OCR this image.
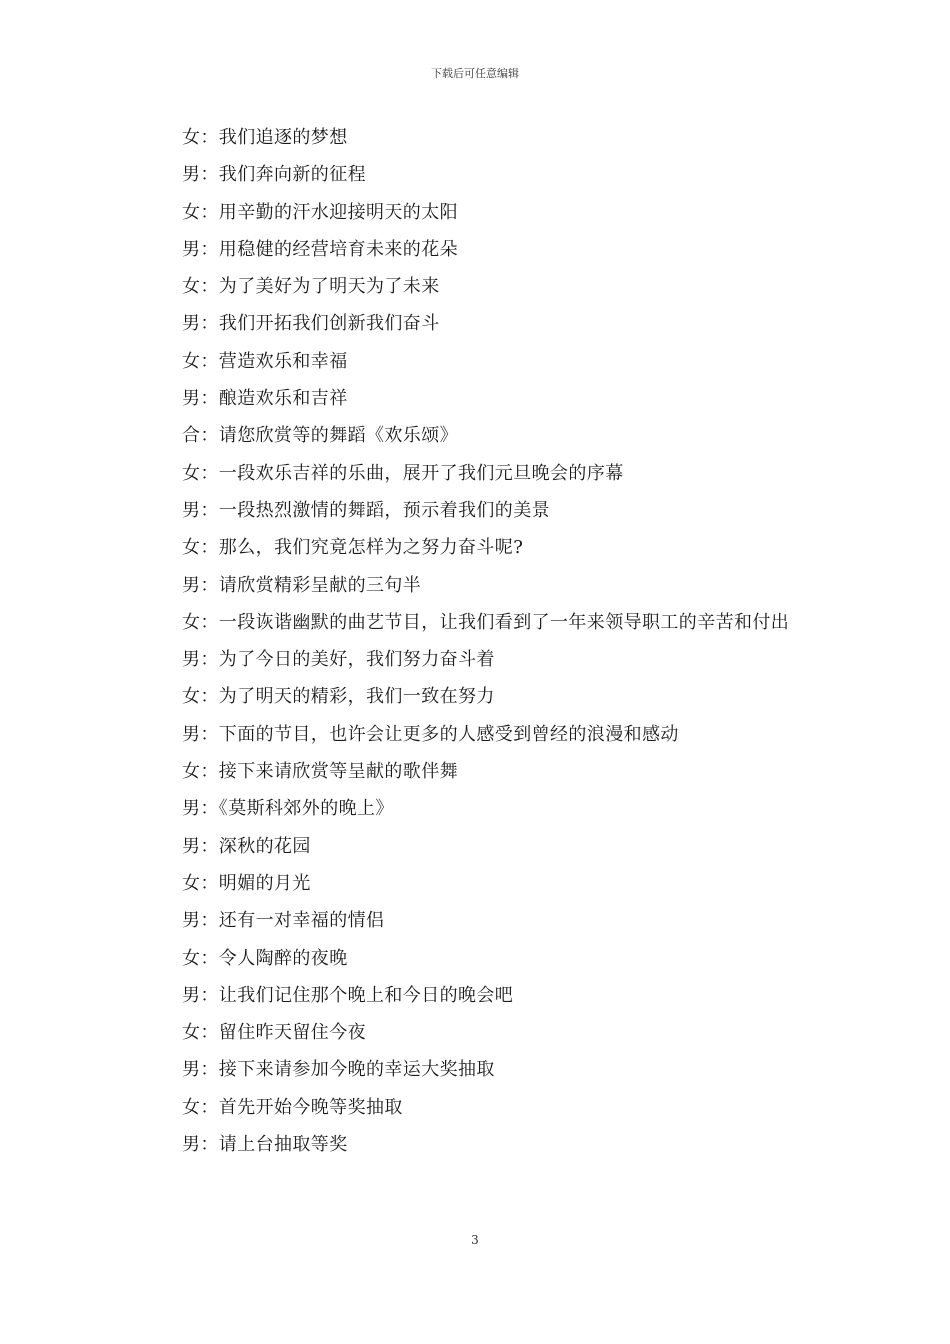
下载后可任意编辑

女：我们追逐的梦想

男：我们奔向新的征程

女：用辛勤的汗水迎接明天的太阳

男：用稳健的经营培育未来的花朵

女：为了美好为了明天为了未来

男：我们开拓我们创新我们奋斗

女：营造欢乐和幸福

男：酿造欢乐和吉祥

合：请您欣赏等的舞蹈《欢乐颂》

女：一段欢乐吉祥的乐曲，展开了我们元旦晚会的序幕

男：一段热烈激情的舞蹈，预示着我们的美景

女：那么，我们究竟怎样为之努力奋斗呢?

男：请欣赏精彩呈献的三句半

女：一段诙谐幽默的曲艺节目，让我们看到了一年来领导职工的辛苦和付出

男：为了今日的美好，我们努力奋斗着

女：为了明天的精彩，我们一致在努力

男：下面的节目，也许会让更多的人感受到曾经的浪漫和感动

女：接下来请欣赏等呈献的歌伴舞

男：《莫斯科郊外的晚上》

男：深秋的花园

女：明媚的月光

男：还有一对幸福的情侣

女：令人陶醉的夜晚

男：让我们记住那个晚上和今日的晚会吧

女：留住昨天留住今夜

男：接下来请参加今晚的幸运大奖抽取

女：首先开始今晚等奖抽取

男：请上台抽取等奖

3
